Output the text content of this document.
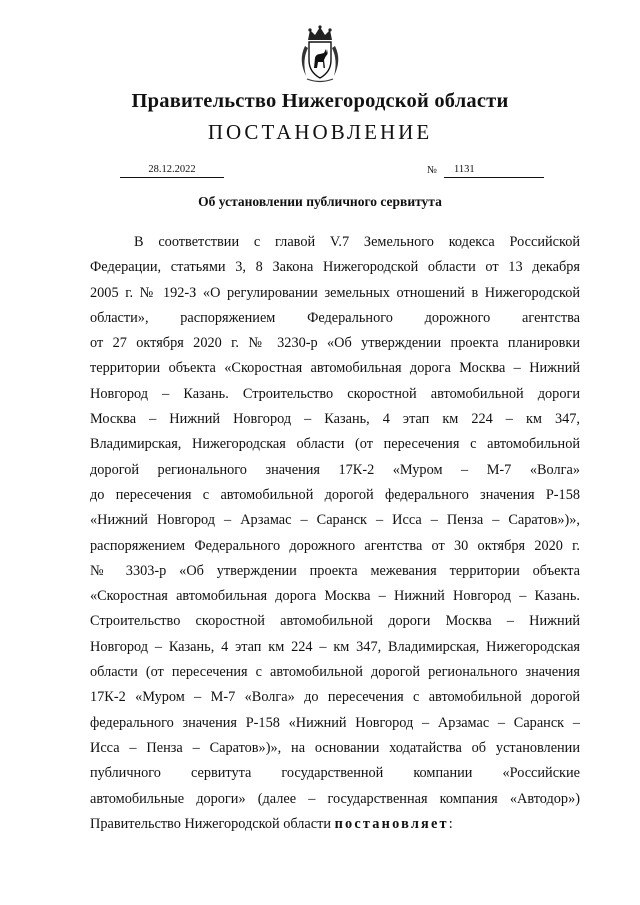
Правительство Нижегородской области
ПОСТАНОВЛЕНИЕ
28.12.2022	№	1131
Об установлении публичного сервитута
В соответствии с главой V.7 Земельного кодекса Российской
Федерации, статьями 3, 8 Закона Нижегородской области от 13 декабря
2005 г. № 192-З «О регулировании земельных отношений в Нижегородской
области», распоряжением Федерального дорожного агентства
от 27 октября 2020 г. № 3230-р «Об утверждении проекта планировки
территории объекта «Скоростная автомобильная дорога Москва – Нижний
Новгород – Казань. Строительство скоростной автомобильной дороги
Москва – Нижний Новгород – Казань, 4 этап км 224 – км 347,
Владимирская, Нижегородская области (от пересечения с автомобильной
дорогой регионального значения 17К-2 «Муром – М-7 «Волга»
до пересечения с автомобильной дорогой федерального значения Р-158
«Нижний Новгород – Арзамас – Саранск – Исса – Пенза – Саратов»)»,
распоряжением Федерального дорожного агентства от 30 октября 2020 г.
№ 3303-р «Об утверждении проекта межевания территории объекта
«Скоростная автомобильная дорога Москва – Нижний Новгород – Казань.
Строительство скоростной автомобильной дороги Москва – Нижний
Новгород – Казань, 4 этап км 224 – км 347, Владимирская, Нижегородская
области (от пересечения с автомобильной дорогой регионального значения
17К-2 «Муром – М-7 «Волга» до пересечения с автомобильной дорогой
федерального значения Р-158 «Нижний Новгород – Арзамас – Саранск –
Исса – Пенза – Саратов»)», на основании ходатайства об установлении
публичного сервитута государственной компании «Российские
автомобильные дороги» (далее – государственная компания «Автодор»)
Правительство Нижегородской области постановляет:
